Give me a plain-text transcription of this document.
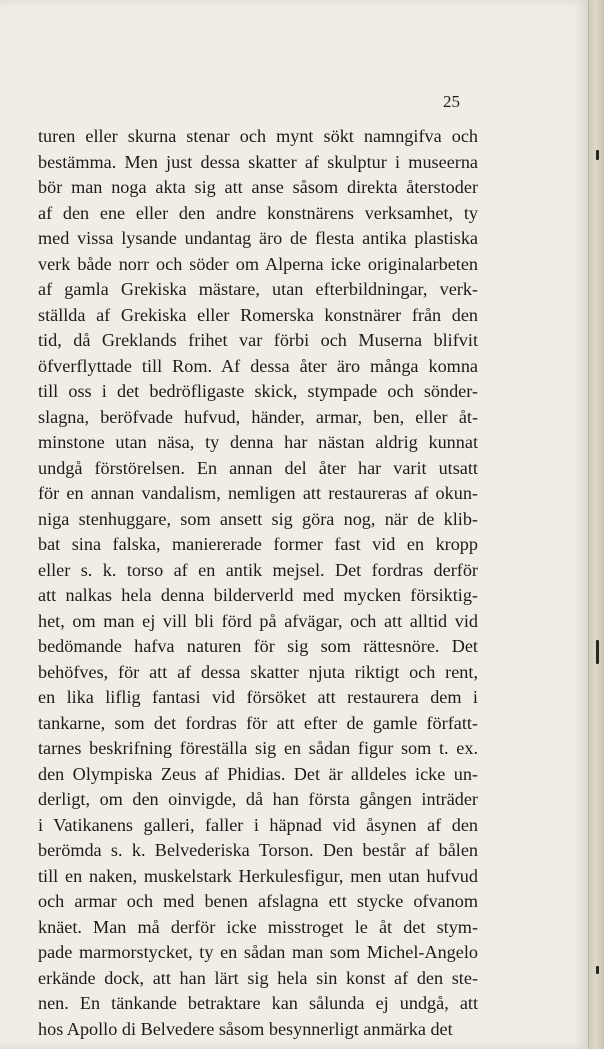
25
turen eller skurna stenar och mynt sökt namngifva och
bestämma. Men just dessa skatter af skulptur i museerna
bör man noga akta sig att anse såsom direkta återstoder
af den ene eller den andre konstnärens verksamhet, ty
med vissa lysande undantag äro de flesta antika plastiska
verk både norr och söder om Alperna icke originalarbeten
af gamla Grekiska mästare, utan efterbildningar, verk-
ställda af Grekiska eller Romerska konstnärer från den
tid, då Greklands frihet var förbi och Muserna blifvit
öfverflyttade till Rom. Af dessa åter äro många komna
till oss i det bedröfligaste skick, stympade och sönder-
slagna, beröfvade hufvud, händer, armar, ben, eller åt-
minstone utan näsa, ty denna har nästan aldrig kunnat
undgå förstörelsen. En annan del åter har varit utsatt
för en annan vandalism, nemligen att restaureras af okun-
niga stenhuggare, som ansett sig göra nog, när de klib-
bat sina falska, maniererade former fast vid en kropp
eller s. k. torso af en antik mejsel. Det fordras derför
att nalkas hela denna bilderverld med mycken försiktig-
het, om man ej vill bli förd på afvägar, och att alltid vid
bedömande hafva naturen för sig som rättesnöre. Det
behöfves, för att af dessa skatter njuta riktigt och rent,
en lika liflig fantasi vid försöket att restaurera dem i
tankarne, som det fordras för att efter de gamle författ-
tarnes beskrifning föreställa sig en sådan figur som t. ex.
den Olympiska Zeus af Phidias. Det är alldeles icke un-
derligt, om den oinvigde, då han första gången inträder
i Vatikanens galleri, faller i häpnad vid åsynen af den
berömda s. k. Belvederiska Torson. Den består af bålen
till en naken, muskelstark Herkulesfigur, men utan hufvud
och armar och med benen afslagna ett stycke ofvanom
knäet. Man må derför icke misstroget le åt det stym-
pade marmorstycket, ty en sådan man som Michel-Angelo
erkände dock, att han lärt sig hela sin konst af den ste-
nen. En tänkande betraktare kan sålunda ej undgå, att
hos Apollo di Belvedere såsom besynnerligt anmärka det
